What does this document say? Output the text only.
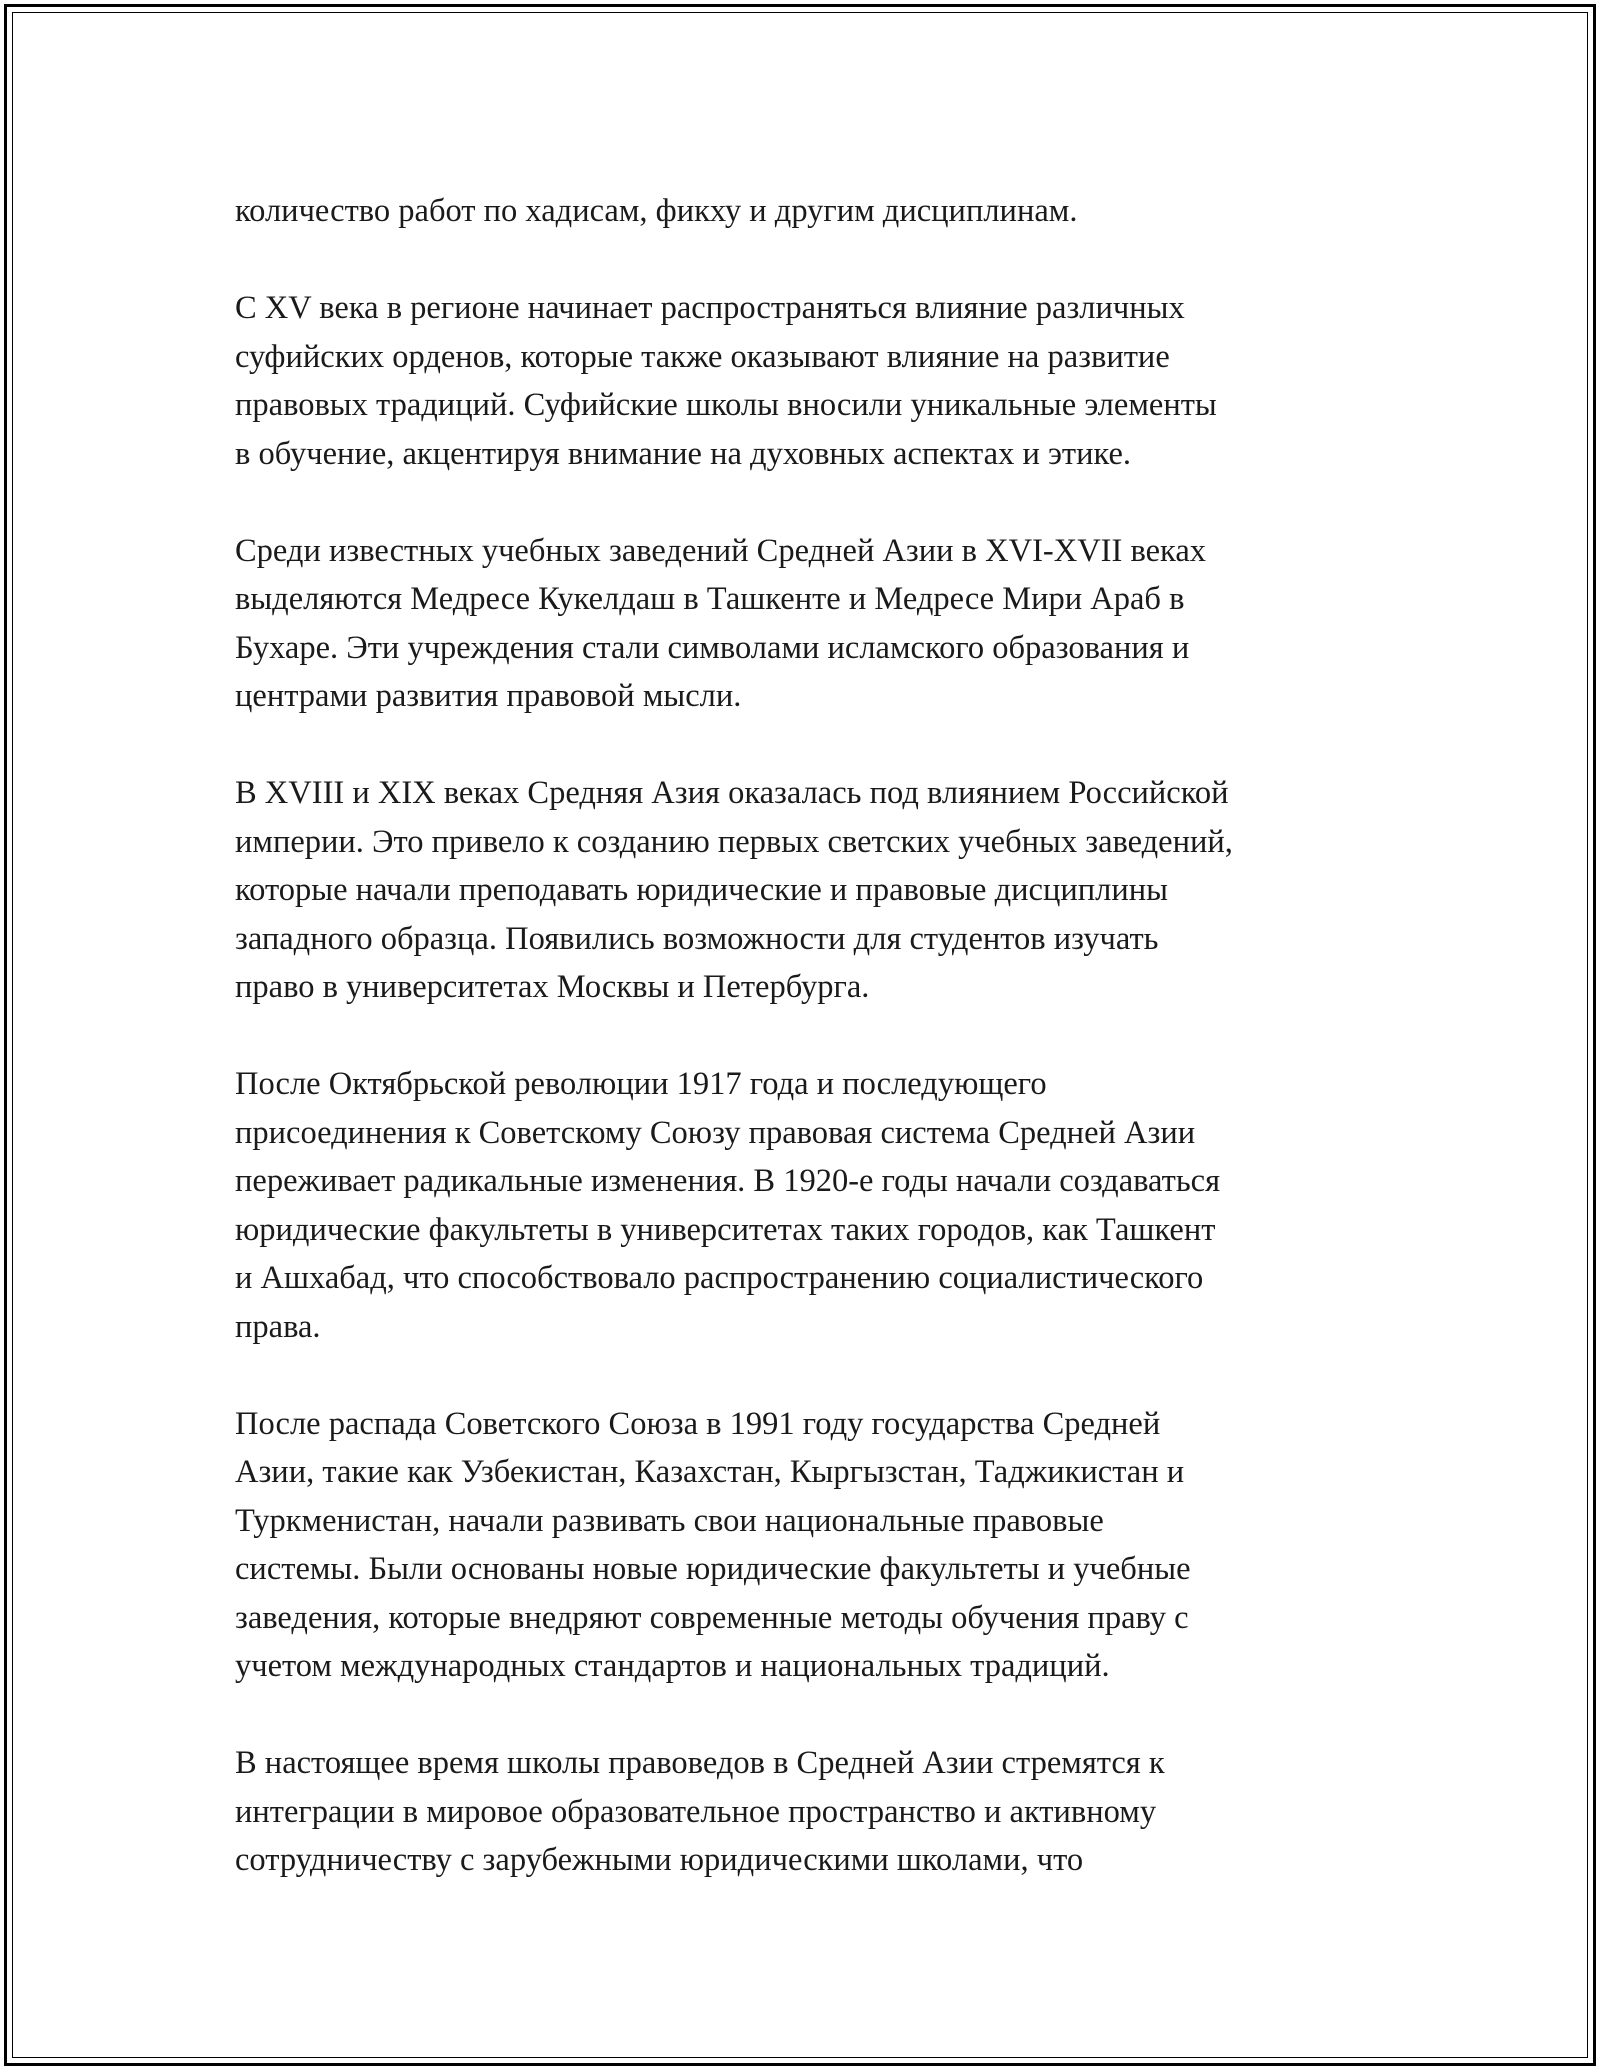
количество работ по хадисам, фикху и другим дисциплинам.

С XV века в регионе начинает распространяться влияние различных
суфийских орденов, которые также оказывают влияние на развитие
правовых традиций. Суфийские школы вносили уникальные элементы
в обучение, акцентируя внимание на духовных аспектах и этике.

Среди известных учебных заведений Средней Азии в XVI-XVII веках
выделяются Медресе Кукелдаш в Ташкенте и Медресе Мири Араб в
Бухаре. Эти учреждения стали символами исламского образования и
центрами развития правовой мысли.

В XVIII и XIX веках Средняя Азия оказалась под влиянием Российской
империи. Это привело к созданию первых светских учебных заведений,
которые начали преподавать юридические и правовые дисциплины
западного образца. Появились возможности для студентов изучать
право в университетах Москвы и Петербурга.

После Октябрьской революции 1917 года и последующего
присоединения к Советскому Союзу правовая система Средней Азии
переживает радикальные изменения. В 1920-е годы начали создаваться
юридические факультеты в университетах таких городов, как Ташкент
и Ашхабад, что способствовало распространению социалистического
права.

После распада Советского Союза в 1991 году государства Средней
Азии, такие как Узбекистан, Казахстан, Кыргызстан, Таджикистан и
Туркменистан, начали развивать свои национальные правовые
системы. Были основаны новые юридические факультеты и учебные
заведения, которые внедряют современные методы обучения праву с
учетом международных стандартов и национальных традиций.

В настоящее время школы правоведов в Средней Азии стремятся к
интеграции в мировое образовательное пространство и активному
сотрудничеству с зарубежными юридическими школами, что
